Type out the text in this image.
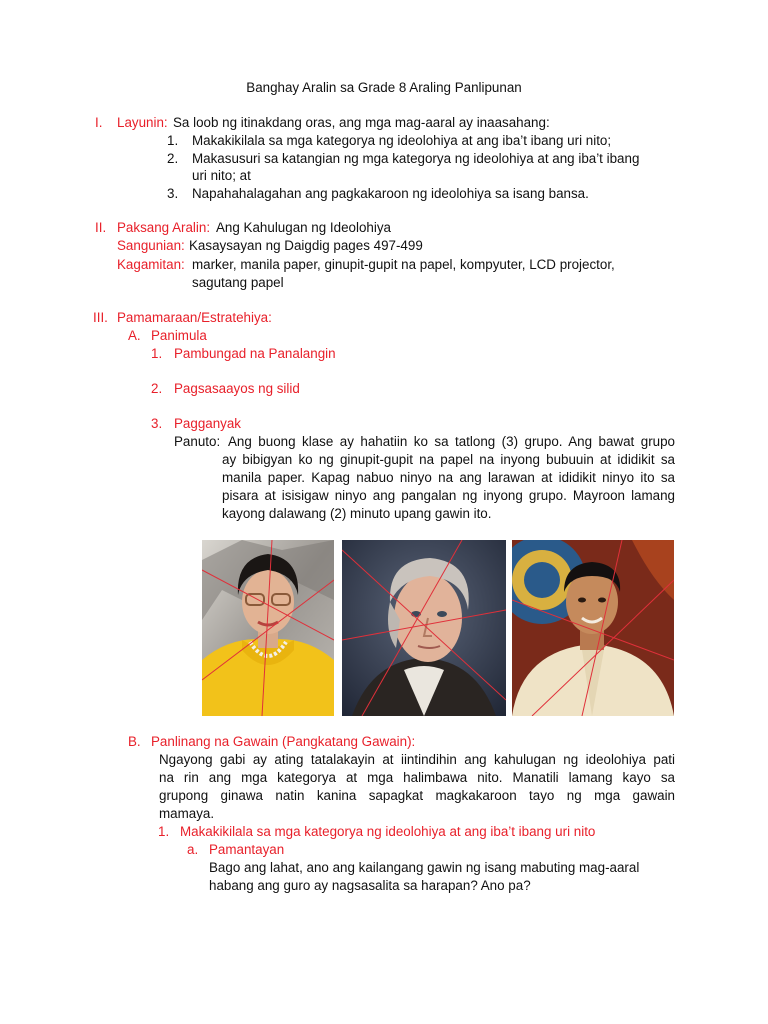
Banghay Aralin sa Grade 8 Araling Panlipunan
I. Layunin: Sa loob ng itinakdang oras, ang mga mag-aaral ay inaasahang:
1. Makakikilala sa mga kategorya ng ideolohiya at ang iba’t ibang uri nito;
2. Makasusuri sa katangian ng mga kategorya ng ideolohiya at ang iba’t ibang
uri nito; at
3. Napahahalagahan ang pagkakaroon ng ideolohiya sa isang bansa.
II. Paksang Aralin: Ang Kahulugan ng Ideolohiya
Sangunian: Kasaysayan ng Daigdig pages 497-499
Kagamitan: marker, manila paper, ginupit-gupit na papel, kompyuter, LCD projector,
sagutang papel
III. Pamamaraan/Estratehiya:
A. Panimula
1. Pambungad na Panalangin
2. Pagsasaayos ng silid
3. Pagganyak
Panuto: Ang buong klase ay hahatiin ko sa tatlong (3) grupo. Ang bawat grupo
ay bibigyan ko ng ginupit-gupit na papel na inyong bubuuin at ididikit sa
manila paper. Kapag nabuo ninyo na ang larawan at ididikit ninyo ito sa
pisara at isisigaw ninyo ang pangalan ng inyong grupo. Mayroon lamang
kayong dalawang (2) minuto upang gawin ito.
B. Panlinang na Gawain (Pangkatang Gawain):
Ngayong gabi ay ating tatalakayin at iintindihin ang kahulugan ng ideolohiya pati
na rin ang mga kategorya at mga halimbawa nito. Manatili lamang kayo sa
grupong ginawa natin kanina sapagkat magkakaroon tayo ng mga gawain
mamaya.
1. Makakikilala sa mga kategorya ng ideolohiya at ang iba’t ibang uri nito
a. Pamantayan
Bago ang lahat, ano ang kailangang gawin ng isang mabuting mag-aaral
habang ang guro ay nagsasalita sa harapan? Ano pa?
